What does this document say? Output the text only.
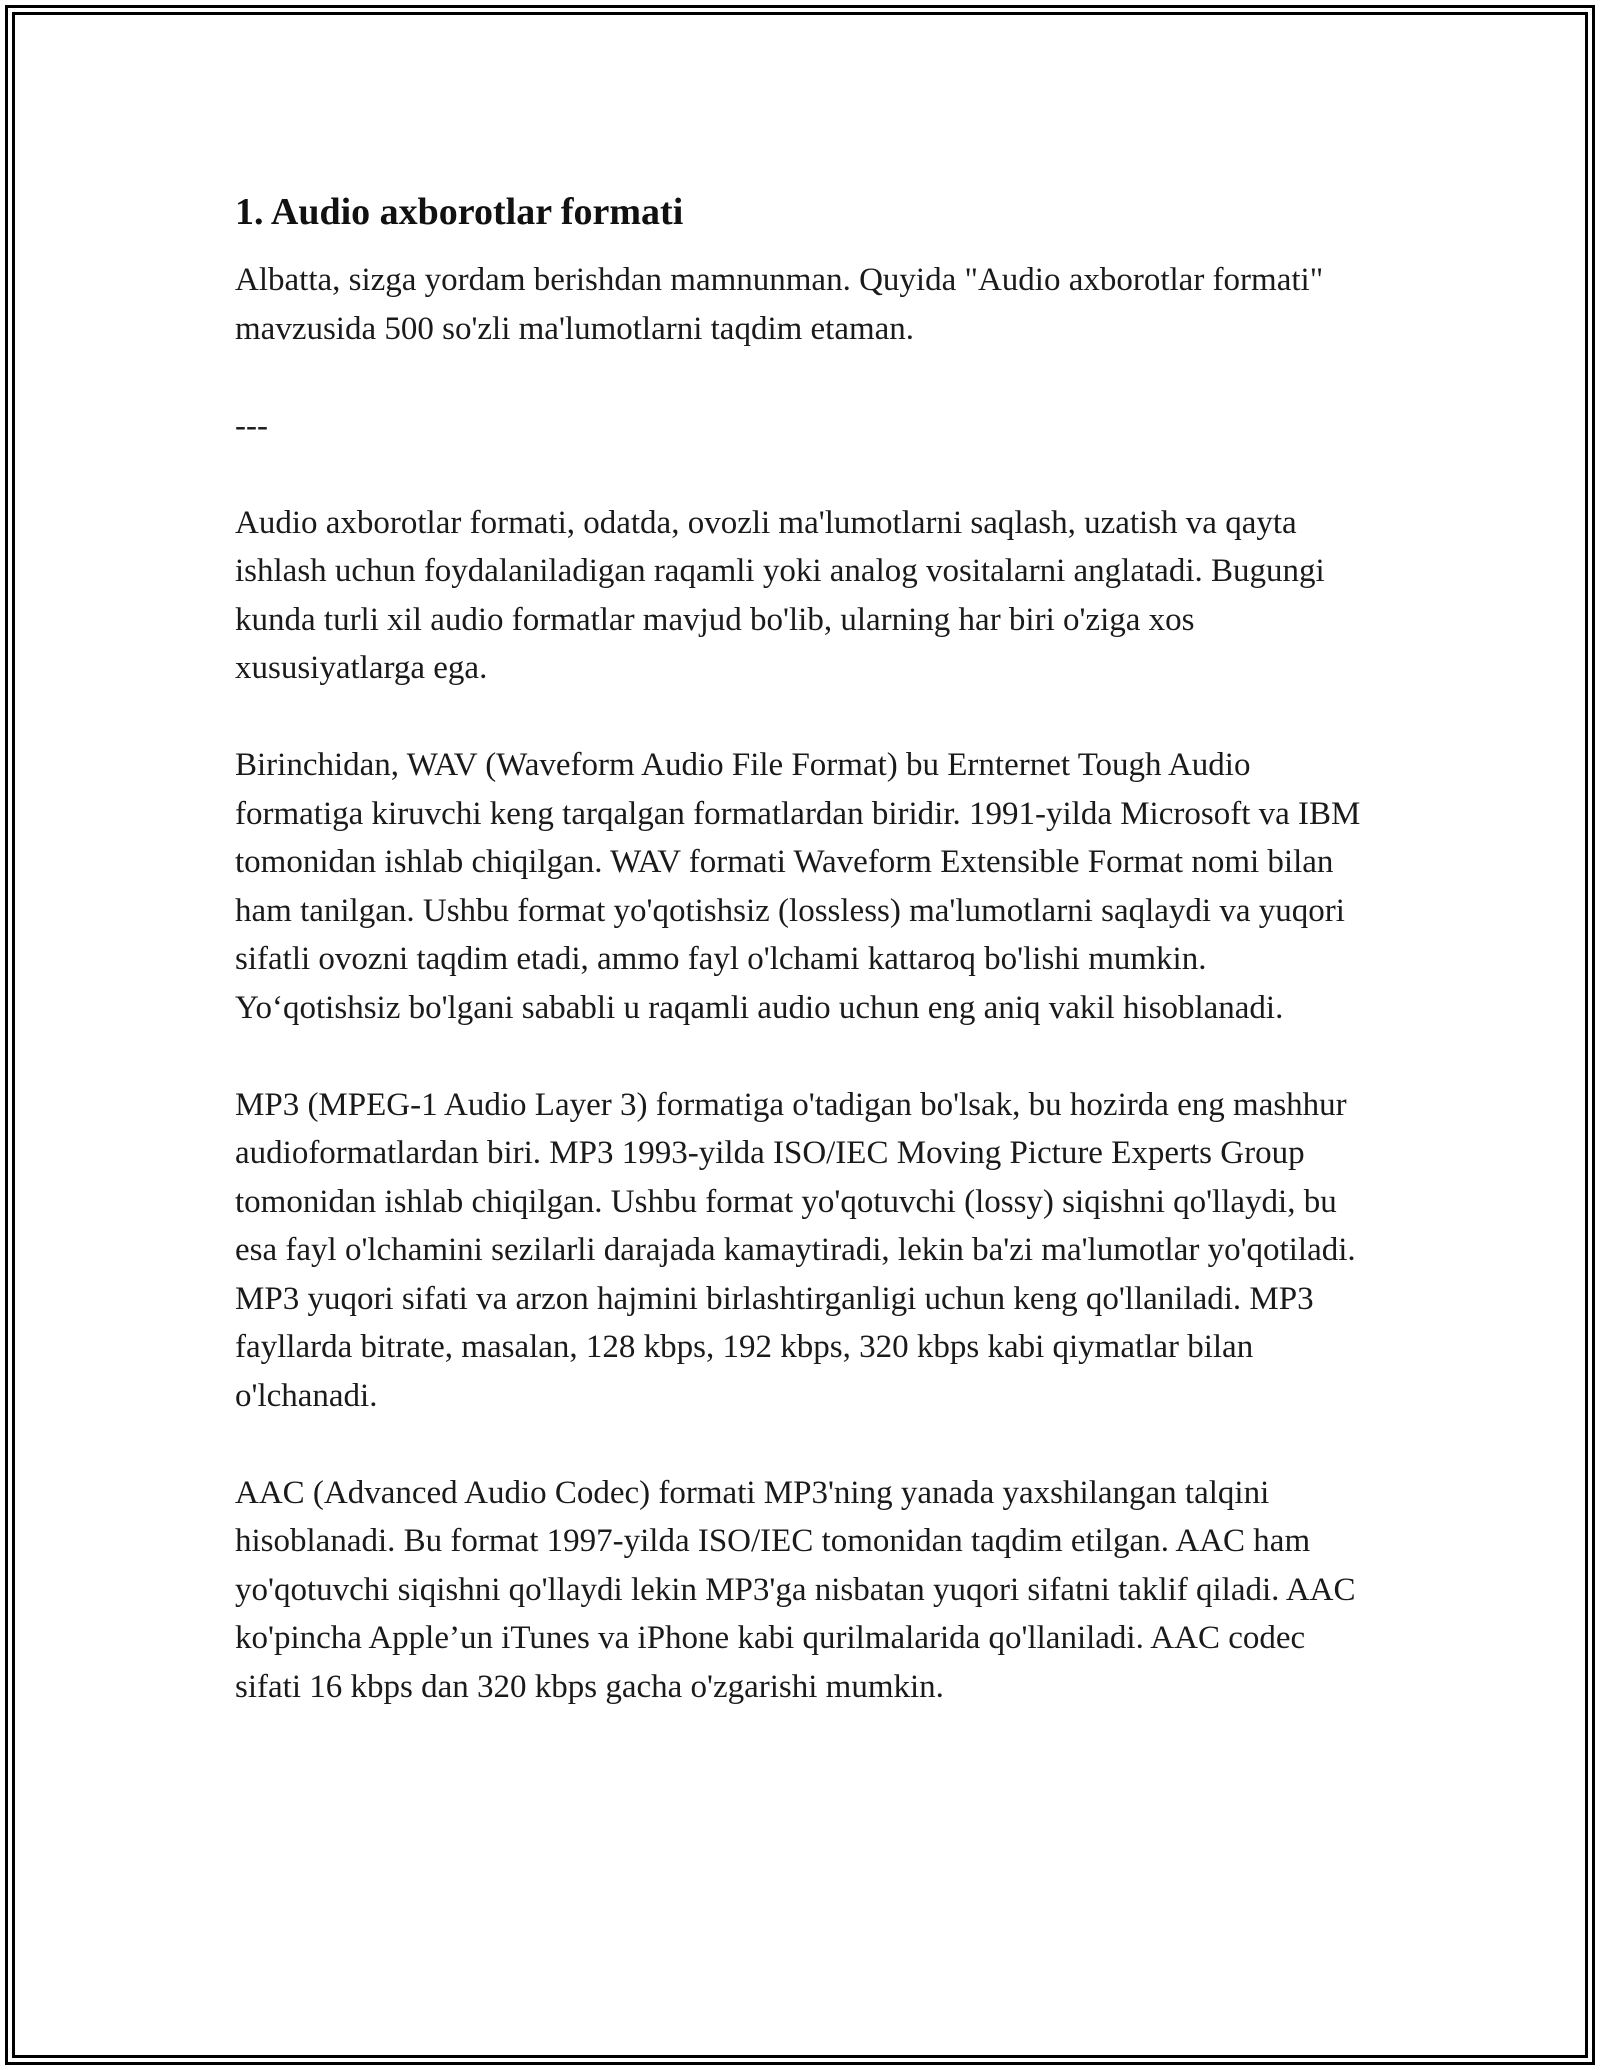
1. Audio axborotlar formati

Albatta, sizga yordam berishdan mamnunman. Quyida "Audio axborotlar formati" mavzusida 500 so'zli ma'lumotlarni taqdim etaman.

---

Audio axborotlar formati, odatda, ovozli ma'lumotlarni saqlash, uzatish va qayta ishlash uchun foydalaniladigan raqamli yoki analog vositalarni anglatadi. Bugungi kunda turli xil audio formatlar mavjud bo'lib, ularning har biri o'ziga xos xususiyatlarga ega.

Birinchidan, WAV (Waveform Audio File Format) bu Ernternet Tough Audio formatiga kiruvchi keng tarqalgan formatlardan biridir. 1991-yilda Microsoft va IBM tomonidan ishlab chiqilgan. WAV formati Waveform Extensible Format nomi bilan ham tanilgan. Ushbu format yo'qotishsiz (lossless) ma'lumotlarni saqlaydi va yuqori sifatli ovozni taqdim etadi, ammo fayl o'lchami kattaroq bo'lishi mumkin. Yo‘qotishsiz bo'lgani sababli u raqamli audio uchun eng aniq vakil hisoblanadi.

MP3 (MPEG-1 Audio Layer 3) formatiga o'tadigan bo'lsak, bu hozirda eng mashhur audioformatlardan biri. MP3 1993-yilda ISO/IEC Moving Picture Experts Group tomonidan ishlab chiqilgan. Ushbu format yo'qotuvchi (lossy) siqishni qo'llaydi, bu esa fayl o'lchamini sezilarli darajada kamaytiradi, lekin ba'zi ma'lumotlar yo'qotiladi. MP3 yuqori sifati va arzon hajmini birlashtirganligi uchun keng qo'llaniladi. MP3 fayllarda bitrate, masalan, 128 kbps, 192 kbps, 320 kbps kabi qiymatlar bilan o'lchanadi.

AAC (Advanced Audio Codec) formati MP3'ning yanada yaxshilangan talqini hisoblanadi. Bu format 1997-yilda ISO/IEC tomonidan taqdim etilgan. AAC ham yo'qotuvchi siqishni qo'llaydi lekin MP3'ga nisbatan yuqori sifatni taklif qiladi. AAC ko'pincha Apple’un iTunes va iPhone kabi qurilmalarida qo'llaniladi. AAC codec sifati 16 kbps dan 320 kbps gacha o'zgarishi mumkin.
